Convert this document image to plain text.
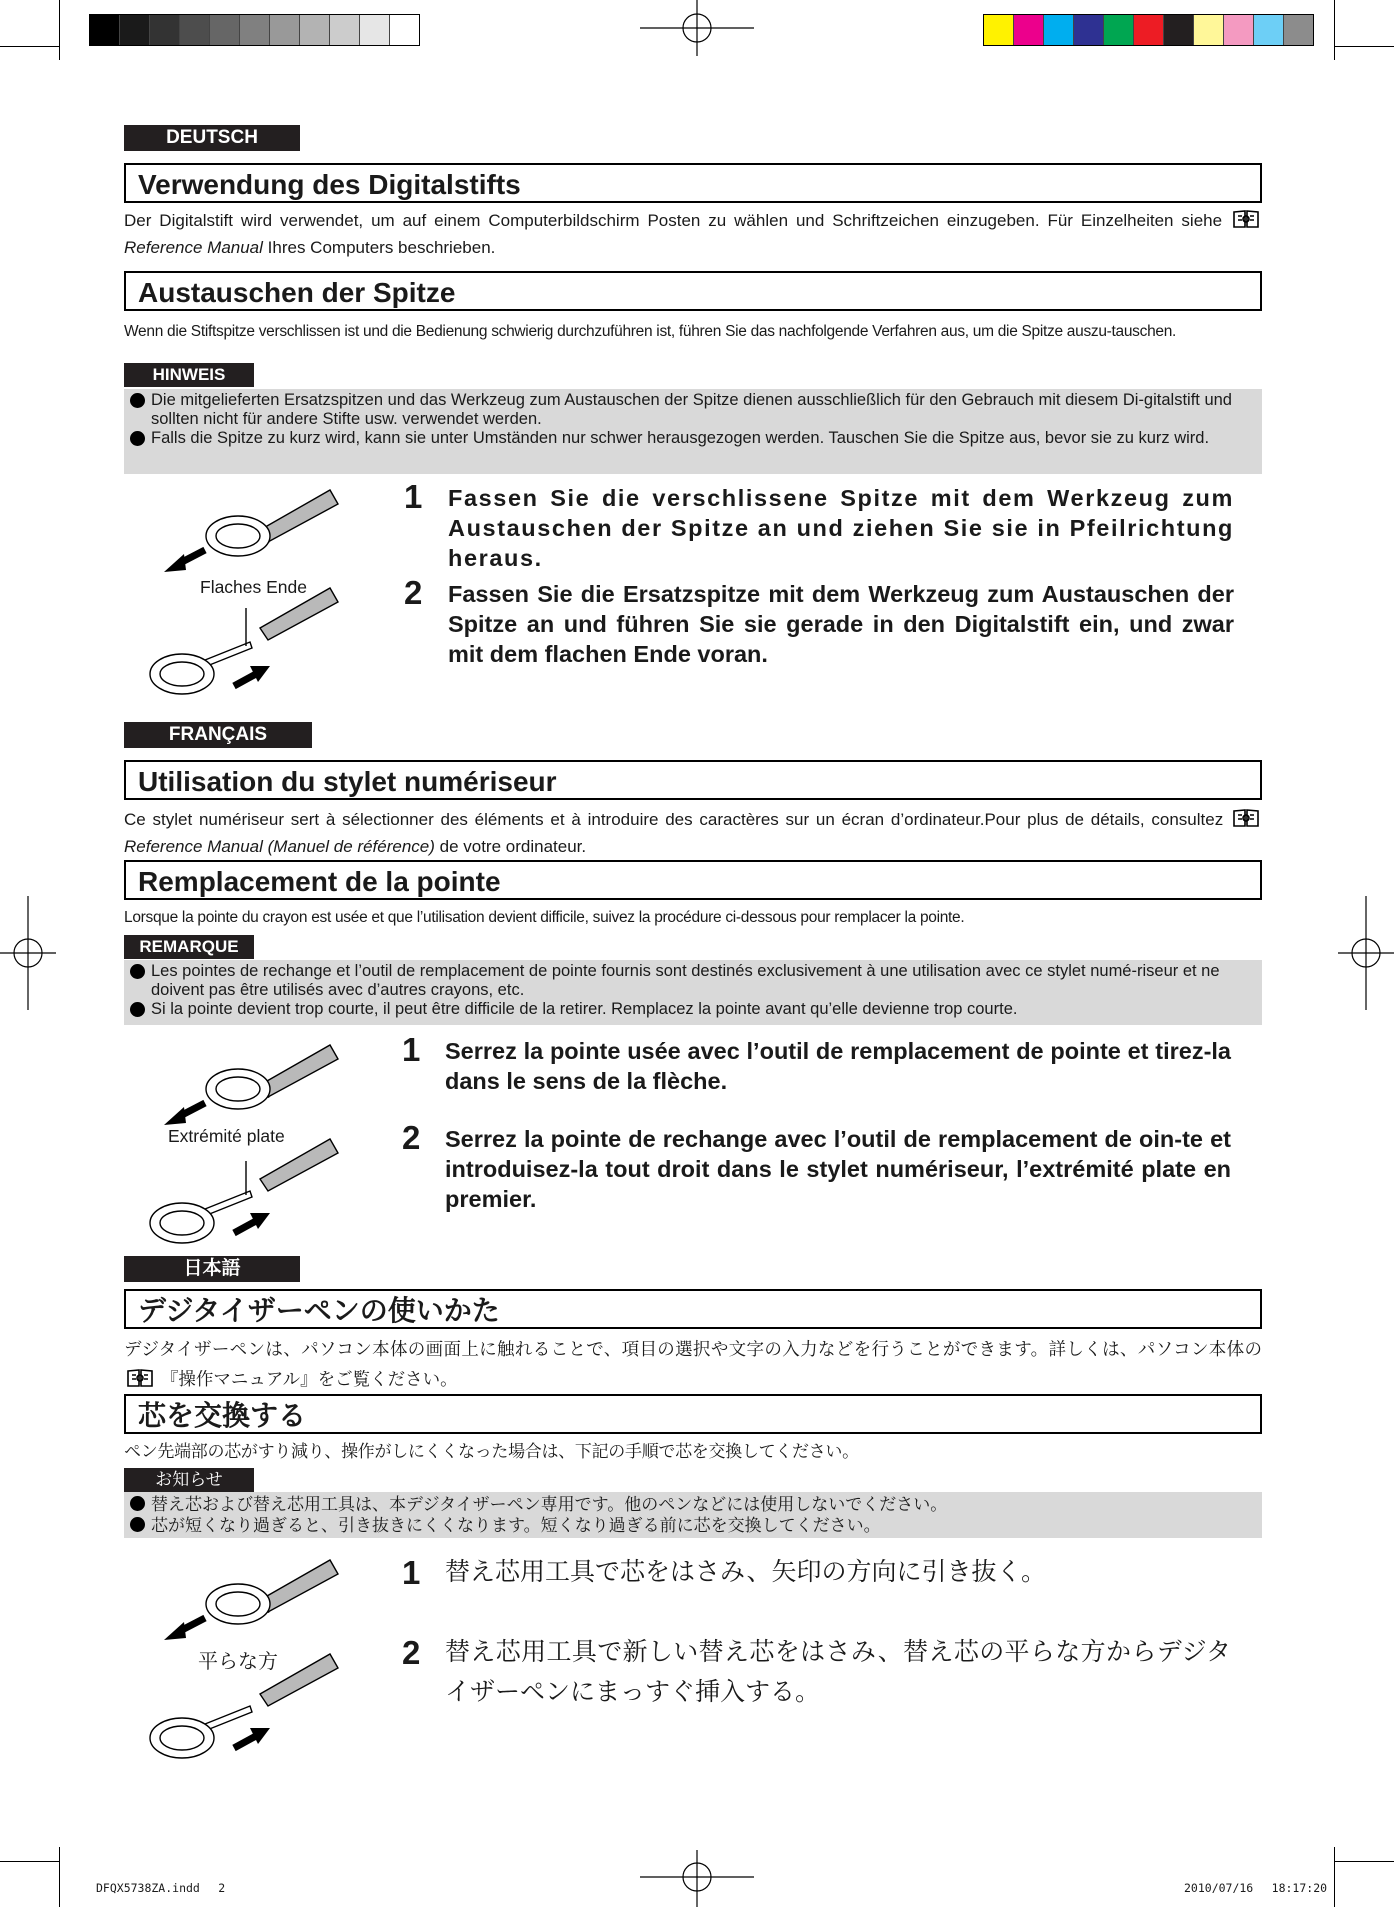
DEUTSCH
Verwendung des Digitalstifts
Der Digitalstift wird verwendet, um auf einem Computerbildschirm Posten zu wählen und Schriftzeichen einzugeben. Für Einzelheiten siehe  Reference Manual Ihres Computers beschrieben.
Austauschen der Spitze
Wenn die Stiftspitze verschlissen ist und die Bedienung schwierig durchzuführen ist, führen Sie das nachfolgende Verfahren aus, um die Spitze auszu-tauschen.
HINWEIS
Die mitgelieferten Ersatzspitzen und das Werkzeug zum Austauschen der Spitze dienen ausschließlich für den Gebrauch mit diesem Di-gitalstift und sollten nicht für andere Stifte usw. verwendet werden.
Falls die Spitze zu kurz wird, kann sie unter Umständen nur schwer herausgezogen werden. Tauschen Sie die Spitze aus, bevor sie zu kurz wird.
Flaches Ende
1 Fassen Sie die verschlissene Spitze mit dem Werkzeug zum Austauschen der Spitze an und ziehen Sie sie in Pfeilrichtung heraus.
2 Fassen Sie die Ersatzspitze mit dem Werkzeug zum Austauschen der Spitze an und führen Sie sie gerade in den Digitalstift ein, und zwar mit dem flachen Ende voran.
FRANÇAIS
Utilisation du stylet numériseur
Ce stylet numériseur sert à sélectionner des éléments et à introduire des caractères sur un écran d’ordinateur.Pour plus de détails, consultez  Reference Manual (Manuel de référence) de votre ordinateur.
Remplacement de la pointe
Lorsque la pointe du crayon est usée et que l’utilisation devient difficile, suivez la procédure ci-dessous pour remplacer la pointe.
REMARQUE
Les pointes de rechange et l’outil de remplacement de pointe fournis sont destinés exclusivement à une utilisation avec ce stylet numé-riseur et ne doivent pas être utilisés avec d’autres crayons, etc.
Si la pointe devient trop courte, il peut être difficile de la retirer. Remplacez la pointe avant qu’elle devienne trop courte.
Extrémité plate
1 Serrez la pointe usée avec l’outil de remplacement de pointe et tirez-la dans le sens de la flèche.
2 Serrez la pointe de rechange avec l’outil de remplacement de oin-te et introduisez-la tout droit dans le stylet numériseur, l’extrémité plate en premier.
日本語
デジタイザーペンの使いかた
デジタイザーペンは、パソコン本体の画面上に触れることで、項目の選択や文字の入力などを行うことができます。詳しくは、パソコン本体の  『操作マニュアル』をご覧ください。
芯を交換する
ペン先端部の芯がすり減り、操作がしにくくなった場合は、下記の手順で芯を交換してください。
お知らせ
替え芯および替え芯用工具は、本デジタイザーペン専用です。他のペンなどには使用しないでください。
芯が短くなり過ぎると、引き抜きにくくなります。短くなり過ぎる前に芯を交換してください。
平らな方
1 替え芯用工具で芯をはさみ、矢印の方向に引き抜く。
2 替え芯用工具で新しい替え芯をはさみ、替え芯の平らな方からデジタイザーペンにまっすぐ挿入する。
DFQX5738ZA.indd　 2	2010/07/16　 18:17:20
